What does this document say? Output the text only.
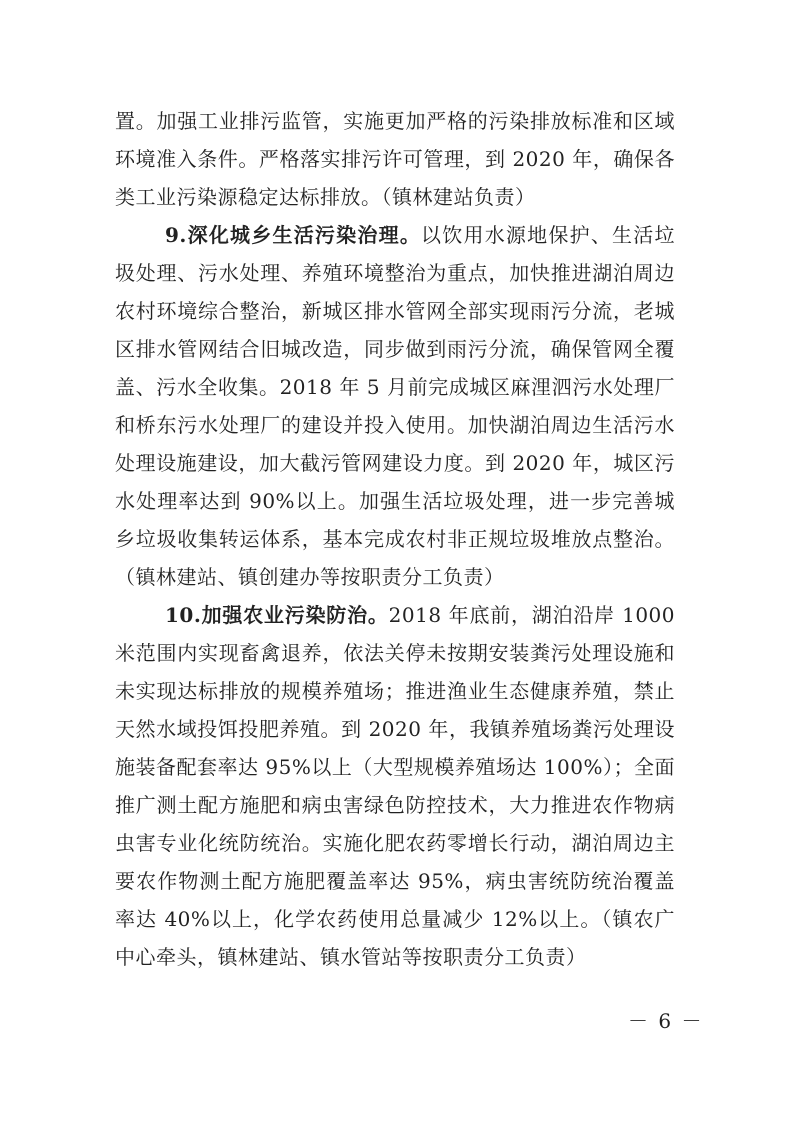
置。加强工业排污监管，实施更加严格的污染排放标准和区域环境准入条件。严格落实排污许可管理，到 2020 年，确保各类工业污染源稳定达标排放。（镇林建站负责）

9.深化城乡生活污染治理。以饮用水源地保护、生活垃圾处理、污水处理、养殖环境整治为重点，加快推进湖泊周边农村环境综合整治，新城区排水管网全部实现雨污分流，老城区排水管网结合旧城改造，同步做到雨污分流，确保管网全覆盖、污水全收集。2018 年 5 月前完成城区麻浬泗污水处理厂和桥东污水处理厂的建设并投入使用。加快湖泊周边生活污水处理设施建设，加大截污管网建设力度。到 2020 年，城区污水处理率达到 90%以上。加强生活垃圾处理，进一步完善城乡垃圾收集转运体系，基本完成农村非正规垃圾堆放点整治。（镇林建站、镇创建办等按职责分工负责）

10.加强农业污染防治。2018 年底前，湖泊沿岸 1000 米范围内实现畜禽退养，依法关停未按期安装粪污处理设施和未实现达标排放的规模养殖场；推进渔业生态健康养殖，禁止天然水域投饵投肥养殖。到 2020 年，我镇养殖场粪污处理设施装备配套率达 95%以上（大型规模养殖场达 100%）；全面推广测土配方施肥和病虫害绿色防控技术，大力推进农作物病虫害专业化统防统治。实施化肥农药零增长行动，湖泊周边主要农作物测土配方施肥覆盖率达 95%，病虫害统防统治覆盖率达 40%以上，化学农药使用总量减少 12%以上。（镇农广中心牵头，镇林建站、镇水管站等按职责分工负责）

－ 6 －
